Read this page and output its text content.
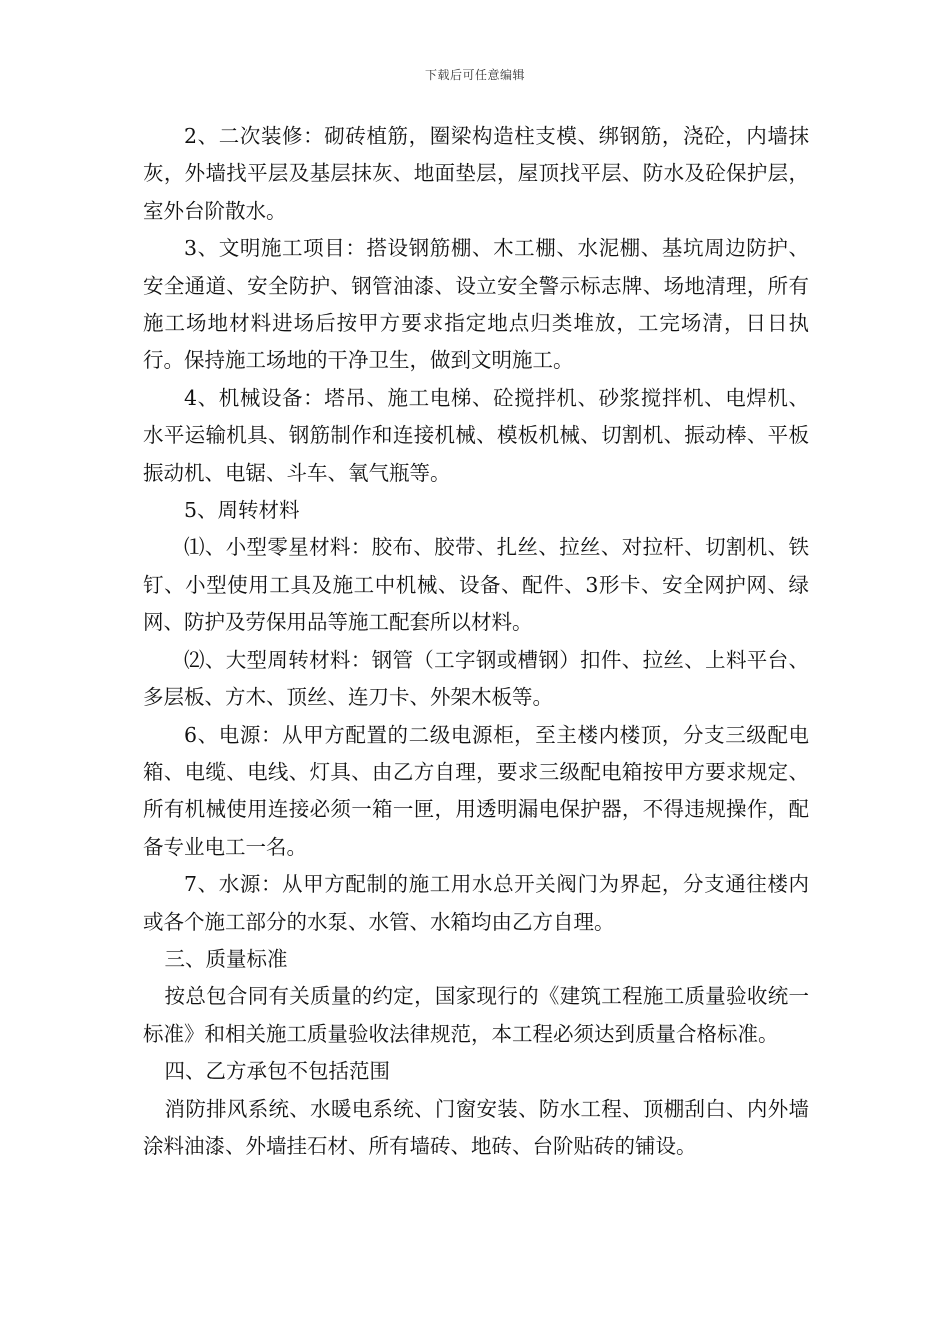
下载后可任意编辑

2、二次装修：砌砖植筋，圈梁构造柱支模、绑钢筋，浇砼，内墙抹灰，外墙找平层及基层抹灰、地面垫层，屋顶找平层、防水及砼保护层，室外台阶散水。

3、文明施工项目：搭设钢筋棚、木工棚、水泥棚、基坑周边防护、安全通道、安全防护、钢管油漆、设立安全警示标志牌、场地清理，所有施工场地材料进场后按甲方要求指定地点归类堆放，工完场清，日日执行。保持施工场地的干净卫生，做到文明施工。

4、机械设备：塔吊、施工电梯、砼搅拌机、砂浆搅拌机、电焊机、水平运输机具、钢筋制作和连接机械、模板机械、切割机、振动棒、平板振动机、电锯、斗车、氧气瓶等。

5、周转材料

⑴、小型零星材料：胶布、胶带、扎丝、拉丝、对拉杆、切割机、铁钉、小型使用工具及施工中机械、设备、配件、3形卡、安全网护网、绿网、防护及劳保用品等施工配套所以材料。

⑵、大型周转材料：钢管（工字钢或槽钢）扣件、拉丝、上料平台、多层板、方木、顶丝、连刀卡、外架木板等。

6、电源：从甲方配置的二级电源柜，至主楼内楼顶，分支三级配电箱、电缆、电线、灯具、由乙方自理，要求三级配电箱按甲方要求规定、所有机械使用连接必须一箱一匣，用透明漏电保护器，不得违规操作，配备专业电工一名。

7、水源：从甲方配制的施工用水总开关阀门为界起，分支通往楼内或各个施工部分的水泵、水管、水箱均由乙方自理。

三、质量标准

按总包合同有关质量的约定，国家现行的《建筑工程施工质量验收统一标准》和相关施工质量验收法律规范，本工程必须达到质量合格标准。

四、乙方承包不包括范围

消防排风系统、水暖电系统、门窗安装、防水工程、顶棚刮白、内外墙涂料油漆、外墙挂石材、所有墙砖、地砖、台阶贴砖的铺设。
